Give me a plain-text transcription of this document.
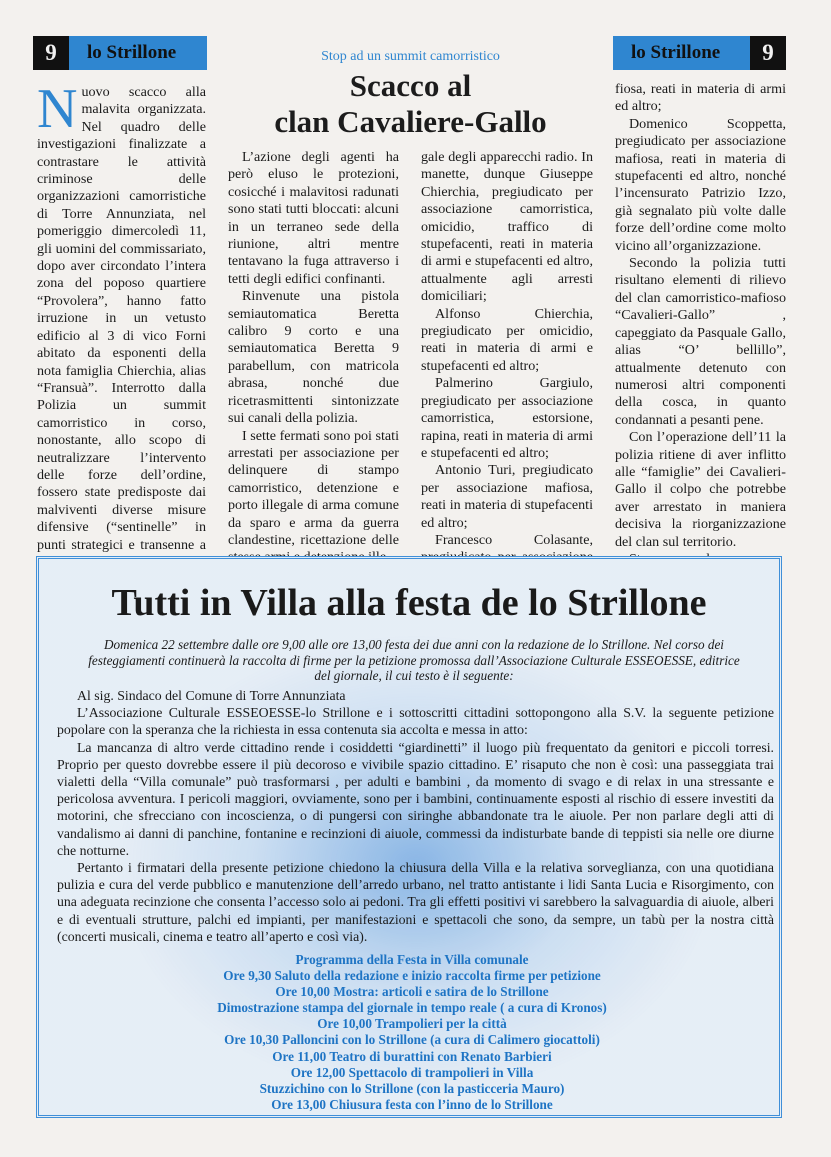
9	lo Strillone	lo Strillone	9
Stop ad un summit camorristico
Scacco al
clan Cavaliere-Gallo
N uovo scacco alla malavita organizzata. Nel quadro delle investigazioni finalizzate a contrastare le attività criminose delle organizzazioni camorristiche di Torre Annunziata, nel pomeriggio dimercoledì 11, gli uomini del commissariato, dopo aver circondato l’intera zona del poposo quartiere “Provolera”, hanno fatto irruzione in un vetusto edificio al 3 di vico Forni abitato da esponenti della nota famiglia Chierchia, alias “Fransuà”. Interrotto dalla Polizia un summit camorristico in corso, nonostante, allo scopo di neutralizzare l’intervento delle forze dell’ordine, fossero state predisposte dai malviventi diverse misure difensive (“sentinelle” in punti strategici e transenne a

L’azione degli agenti ha però eluso le protezioni, cosicché i malavitosi radunati sono stati tutti bloccati: alcuni in un terraneo sede della riunione, altri mentre tentavano la fuga attraverso i tetti degli edifici confinanti.

Rinvenute una pistola semiautomatica Beretta calibro 9 corto e una semiautomatica Beretta 9 parabellum, con matricola abrasa, nonché due ricetrasmittenti sintonizzate sui canali della polizia.

I sette fermati sono poi stati arrestati per associazione per delinquere di stampo camorristico, detenzione e porto illegale di arma comune da sparo e arma da guerra clandestine, ricettazione delle

gale degli apparecchi radio. In manette, dunque Giuseppe Chierchia, pregiudicato per associazione camorristica, omicidio, traffico di stupefacenti, reati in materia di armi e stupefacenti ed altro, attualmente agli arresti domiciliari;

Alfonso Chierchia, pregiudicato per omicidio, reati in materia di armi e stupefacenti ed altro;

Palmerino Gargiulo, pregiudicato per associazione camorristica, estorsione, rapina, reati in materia di armi e stupefacenti ed altro;

Antonio Turi, pregiudicato per associazione mafiosa, reati in materia di stupefacenti ed altro;

Francesco Colasante,

fiosa, reati in materia di armi ed altro;

Domenico Scoppetta, pregiudicato per associazione mafiosa, reati in materia di stupefacenti ed altro, nonché l’incensurato Patrizio Izzo, già segnalato più volte dalle forze dell’ordine come molto vicino all’organizzazione.

Secondo la polizia tutti risultano elementi di rilievo del clan camorristico-mafioso “Cavalieri-Gallo” , capeggiato da Pasquale Gallo, alias “O’ bellillo”, attualmente detenuto con numerosi altri componenti della cosca, in quanto condannati a pesanti pene.

Con l’operazione dell’11 la polizia ritiene di aver inflitto alle “famiglie” dei Cavalieri-Gallo il colpo che potrebbe aver arrestato in maniera decisiva la riorganizzazione del clan sul territorio.

Tutti in Villa alla festa de lo Strillone
Domenica 22 settembre dalle ore 9,00 alle ore 13,00 festa dei due anni con la redazione de lo Strillone. Nel corso dei festeggiamenti continuerà la raccolta di firme per la petizione promossa dall’Associazione Culturale ESSEOESSE, editrice del giornale, il cui testo è il seguente:

Al sig. Sindaco del Comune di Torre Annunziata

L’Associazione Culturale ESSEOESSE-lo Strillone e i sottoscritti cittadini sottopongono alla S.V. la seguente petizione popolare con la speranza che la richiesta in essa contenuta sia accolta e messa in atto:

La mancanza di altro verde cittadino rende i cosiddetti “giardinetti” il luogo più frequentato da genitori e piccoli torresi. Proprio per questo dovrebbe essere il più decoroso e vivibile spazio cittadino. E’ risaputo che non è così: una passeggiata trai vialetti della “Villa comunale” può trasformarsi , per adulti e bambini , da momento di svago e di relax in una stressante e pericolosa avventura. I pericoli maggiori, ovviamente, sono per i bambini, continuamente esposti al rischio di essere investiti da motorini, che sfrecciano con incoscienza, o di pungersi con siringhe abbandonate tra le aiuole. Per non parlare degli atti di vandalismo ai danni di panchine, fontanine e recinzioni di aiuole, commessi da indisturbate bande di teppisti sia nelle ore diurne che notturne.

Pertanto i firmatari della presente petizione chiedono la chiusura della Villa e la relativa sorveglianza, con una quotidiana pulizia e cura del verde pubblico e manutenzione dell’arredo urbano, nel tratto antistante i lidi Santa Lucia e Risorgimento, con una adeguata recinzione che consenta l’accesso solo ai pedoni. Tra gli effetti positivi vi sarebbero la salvaguardia di aiuole, alberi e di eventuali strutture, palchi ed impianti, per manifestazioni e spettacoli che sono, da sempre, un tabù per la nostra città (concerti musicali, cinema e teatro all’aperto e così via).

Programma della Festa in Villa comunale
Ore 9,30 Saluto della redazione e inizio raccolta firme per petizione
Ore 10,00 Mostra: articoli e satira de lo Strillone
Dimostrazione stampa del giornale in tempo reale ( a cura di Kronos)
Ore 10,00 Trampolieri per la città
Ore 10,30 Palloncini con lo Strillone (a cura di Calimero giocattoli)
Ore 11,00 Teatro di burattini con Renato Barbieri
Ore 12,00 Spettacolo di trampolieri in Villa
Stuzzichino con lo Strillone (con la pasticceria Mauro)
Ore 13,00 Chiusura festa con l’inno de lo Strillone
